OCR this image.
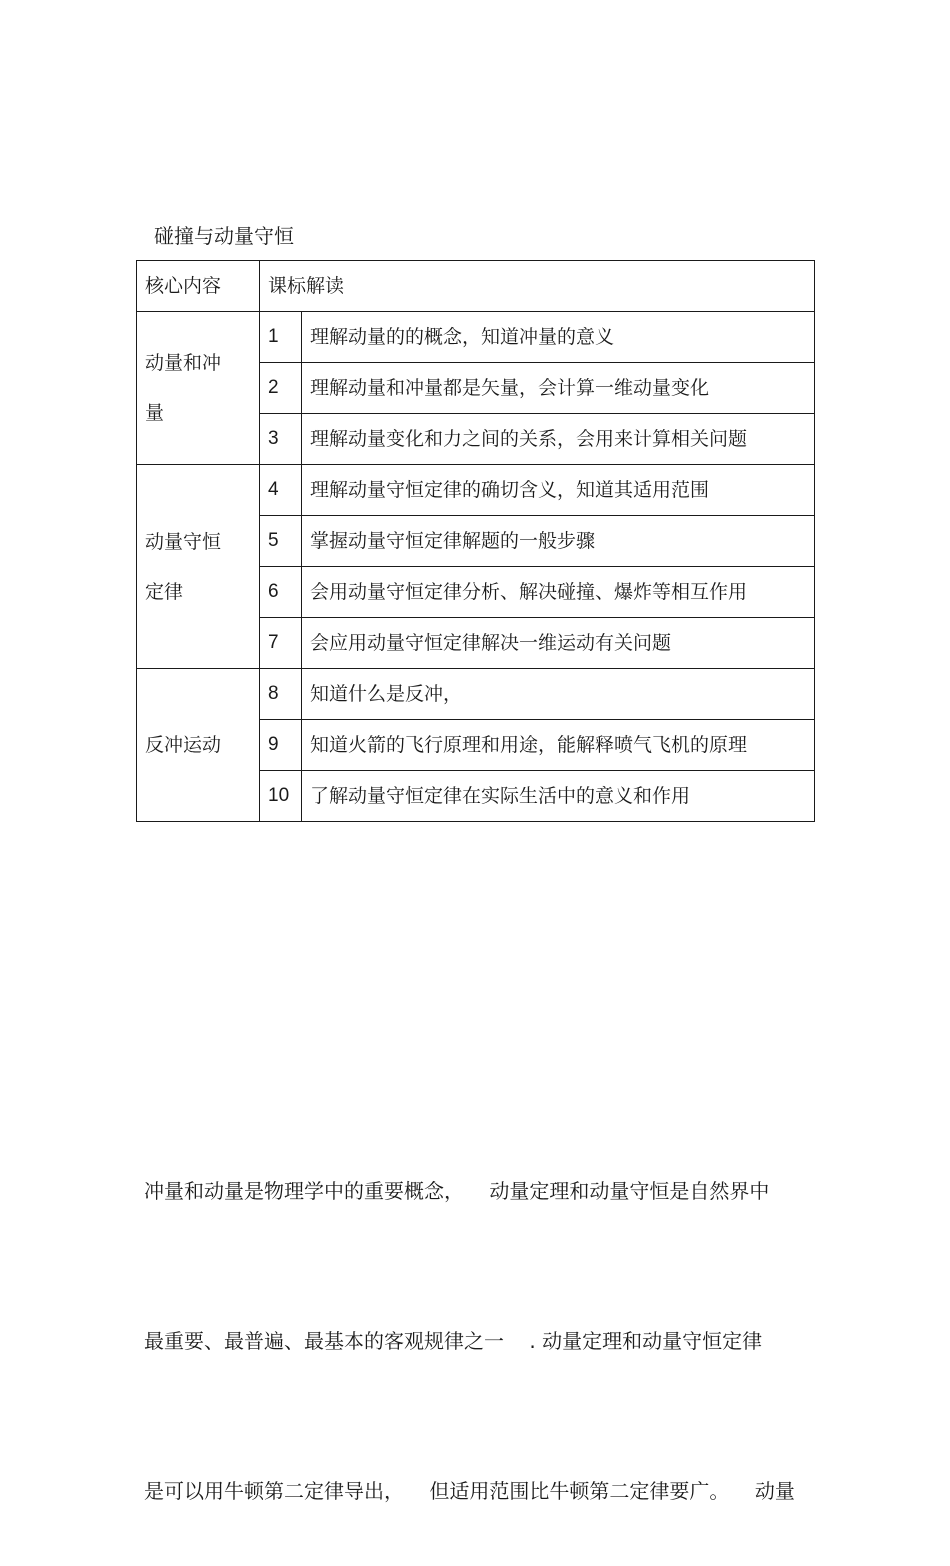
碰撞与动量守恒
核心内容	课标解读	
动量和冲量	1	理解动量的的概念，知道冲量的意义
	2	理解动量和冲量都是矢量，会计算一维动量变化
	3	理解动量变化和力之间的关系，会用来计算相关问题
动量守恒定律	4	理解动量守恒定律的确切含义，知道其适用范围
	5	掌握动量守恒定律解题的一般步骤
	6	会用动量守恒定律分析、解决碰撞、爆炸等相互作用
	7	会应用动量守恒定律解决一维运动有关问题
反冲运动	8	知道什么是反冲，
	9	知道火箭的飞行原理和用途，能解释喷气飞机的原理
	10	了解动量守恒定律在实际生活中的意义和作用

冲量和动量是物理学中的重要概念，    动量定理和动量守恒是自然界中

最重要、最普遍、最基本的客观规律之一    . 动量定理和动量守恒定律

是可以用牛顿第二定律导出，    但适用范围比牛顿第二定律要广。    动量
